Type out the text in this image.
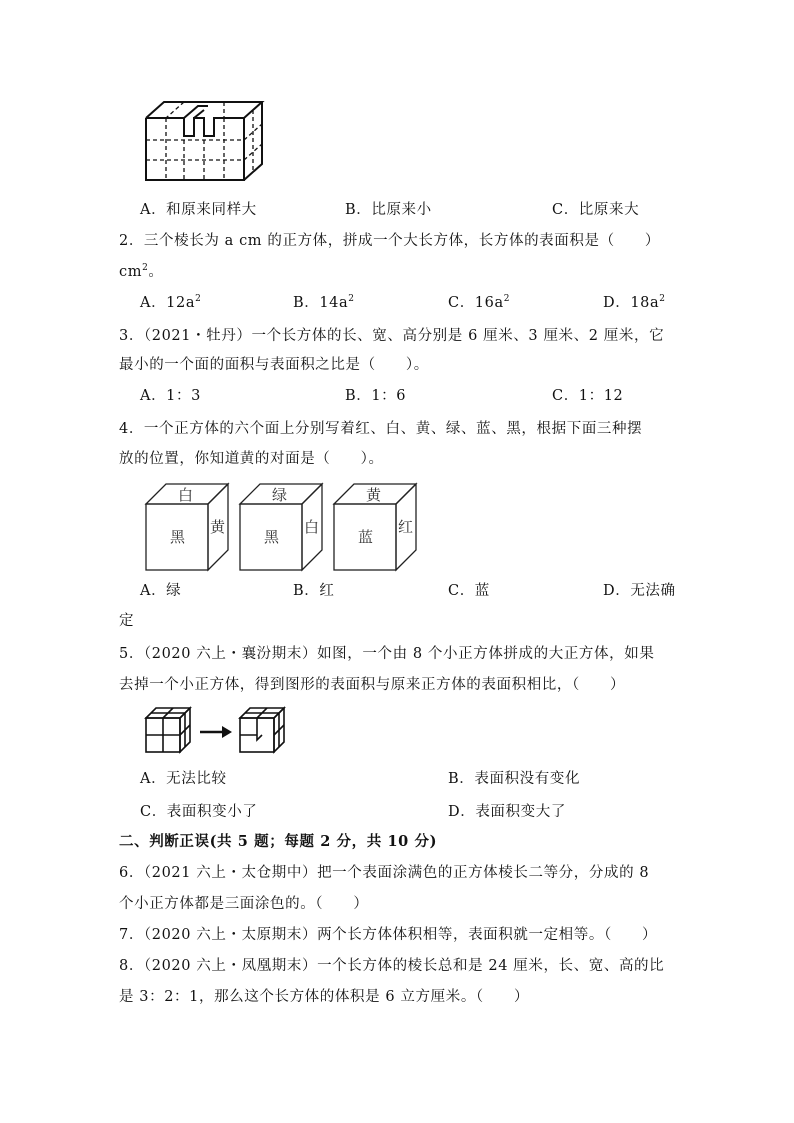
A．和原来同样大	B．比原来小	C．比原来大
2．三个棱长为 a cm 的正方体，拼成一个大长方体，长方体的表面积是（　　）
$cm^2$。
A．$12a^2$	B．$14a^2$	C．$16a^2$	D．$18a^2$
3．（2021・牡丹）一个长方体的长、宽、高分别是 6 厘米、3 厘米、2 厘米，它
最小的一个面的面积与表面积之比是（　　）。
A．1：3	B．1：6	C．1：12
4．一个正方体的六个面上分别写着红、白、黄、绿、蓝、黑，根据下面三种摆
放的位置，你知道黄的对面是（　　）。
白
黑
黄
绿
黑
白
黄
蓝
红
A．绿	B．红	C．蓝	D．无法确
定
5．（2020 六上・襄汾期末）如图，一个由 8 个小正方体拼成的大正方体，如果
去掉一个小正方体，得到图形的表面积与原来正方体的表面积相比，（　　）
A．无法比较	B．表面积没有变化
C．表面积变小了	D．表面积变大了
二、判断正误(共 5 题；每题 2 分，共 10 分)
6．（2021 六上・太仓期中）把一个表面涂满色的正方体棱长二等分，分成的 8
个小正方体都是三面涂色的。（　　）
7．（2020 六上・太原期末）两个长方体体积相等，表面积就一定相等。（　　）
8．（2020 六上・凤凰期末）一个长方体的棱长总和是 24 厘米，长、宽、高的比
是 3：2：1，那么这个长方体的体积是 6 立方厘米。（　　）
